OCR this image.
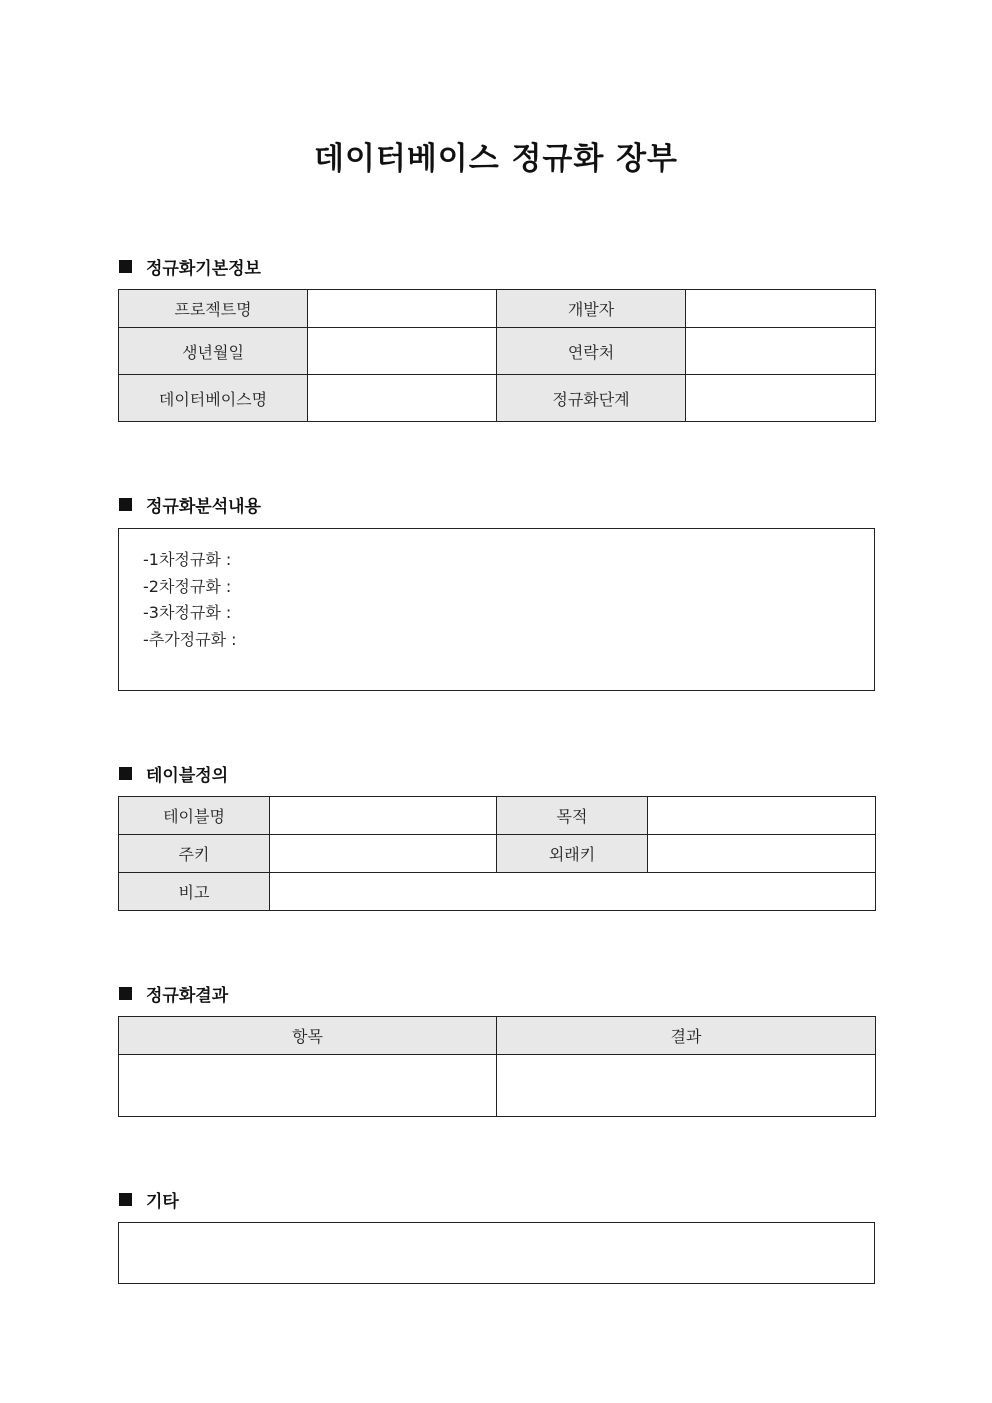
데이터베이스 정규화 장부
정규화기본정보
프로젝트명		개발자	
생년월일		연락처	
데이터베이스명		정규화단계	
정규화분석내용
-1차정규화 :
-2차정규화 :
-3차정규화 :
-추가정규화 :
테이블정의
테이블명		목적	
주키		외래키	
비고			
정규화결과
항목	결과

기타
